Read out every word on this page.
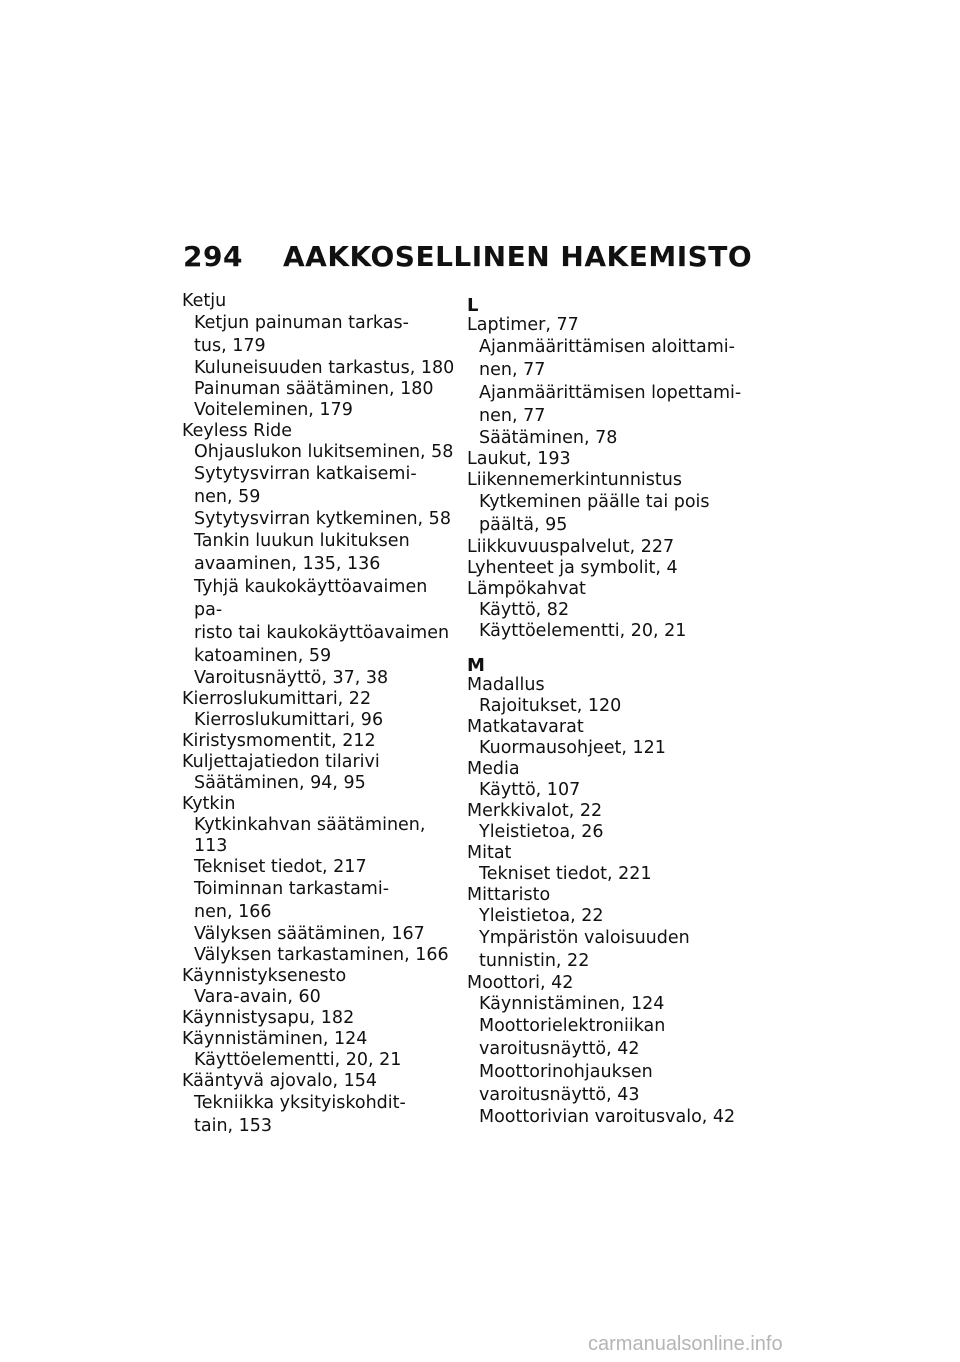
294 AAKKOSELLINEN HAKEMISTO
Ketju
Ketjun painuman tarkas-
tus, 179
Kuluneisuuden tarkastus, 180
Painuman säätäminen, 180
Voiteleminen, 179
Keyless Ride
Ohjauslukon lukitseminen, 58
Sytytysvirran katkaisemi-
nen, 59
Sytytysvirran kytkeminen, 58
Tankin luukun lukituksen
avaaminen, 135, 136
Tyhjä kaukokäyttöavaimen pa-
risto tai kaukokäyttöavaimen
katoaminen, 59
Varoitusnäyttö, 37, 38
Kierroslukumittari, 22
Kierroslukumittari, 96
Kiristysmomentit, 212
Kuljettajatiedon tilarivi
Säätäminen, 94, 95
Kytkin
Kytkinkahvan säätäminen, 113
Tekniset tiedot, 217
Toiminnan tarkastami-
nen, 166
Välyksen säätäminen, 167
Välyksen tarkastaminen, 166
Käynnistyksenesto
Vara-avain, 60
Käynnistysapu, 182
Käynnistäminen, 124
Käyttöelementti, 20, 21
Kääntyvä ajovalo, 154
Tekniikka yksityiskohdit-
tain, 153
L
Laptimer, 77
Ajanmäärittämisen aloittami-
nen, 77
Ajanmäärittämisen lopettami-
nen, 77
Säätäminen, 78
Laukut, 193
Liikennemerkintunnistus
Kytkeminen päälle tai pois
päältä, 95
Liikkuvuuspalvelut, 227
Lyhenteet ja symbolit, 4
Lämpökahvat
Käyttö, 82
Käyttöelementti, 20, 21
M
Madallus
Rajoitukset, 120
Matkatavarat
Kuormausohjeet, 121
Media
Käyttö, 107
Merkkivalot, 22
Yleistietoa, 26
Mitat
Tekniset tiedot, 221
Mittaristo
Yleistietoa, 22
Ympäristön valoisuuden
tunnistin, 22
Moottori, 42
Käynnistäminen, 124
Moottorielektroniikan
varoitusnäyttö, 42
Moottorinohjauksen
varoitusnäyttö, 43
Moottorivian varoitusvalo, 42
carmanualsonline.info
